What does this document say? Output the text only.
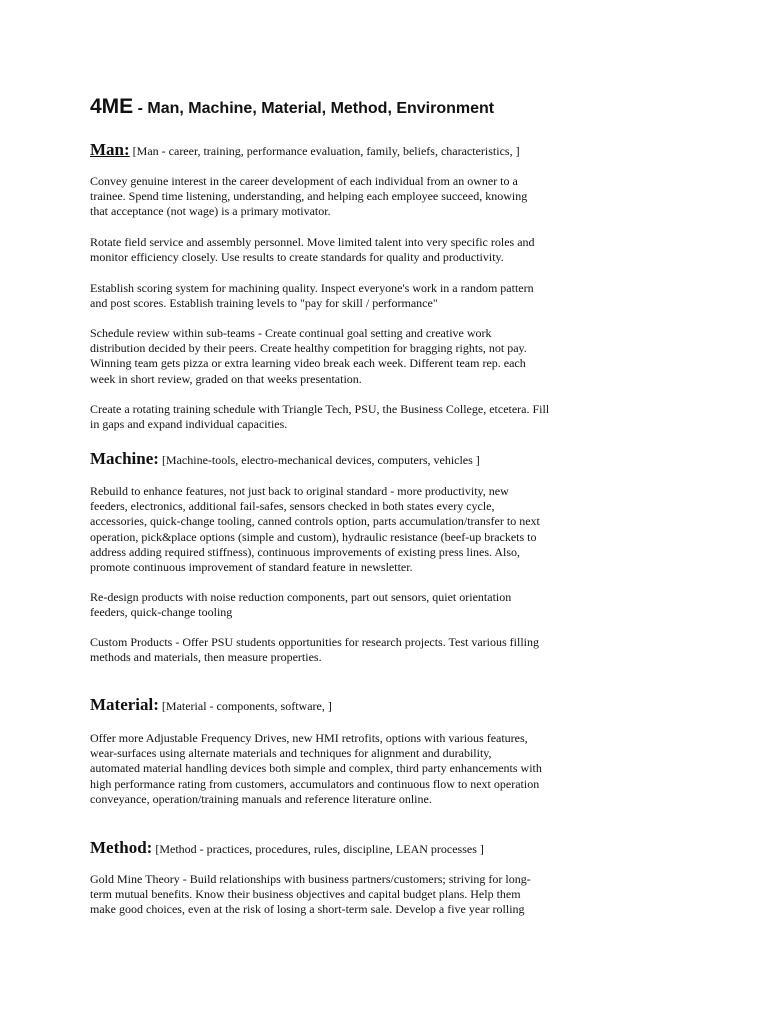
4ME - Man, Machine, Material, Method, Environment
Man: [Man - career, training, performance evaluation, family, beliefs, characteristics, ]

Convey genuine interest in the career development of each individual from an owner to a
trainee. Spend time listening, understanding, and helping each employee succeed, knowing
that acceptance (not wage) is a primary motivator.

Rotate field service and assembly personnel. Move limited talent into very specific roles and
monitor efficiency closely. Use results to create standards for quality and productivity.

Establish scoring system for machining quality. Inspect everyone's work in a random pattern
and post scores. Establish training levels to "pay for skill / performance"

Schedule review within sub-teams - Create continual goal setting and creative work
distribution decided by their peers. Create healthy competition for bragging rights, not pay.
Winning team gets pizza or extra learning video break each week. Different team rep. each
week in short review, graded on that weeks presentation.

Create a rotating training schedule with Triangle Tech, PSU, the Business College, etcetera. Fill
in gaps and expand individual capacities.

Machine: [Machine-tools, electro-mechanical devices, computers, vehicles ]

Rebuild to enhance features, not just back to original standard - more productivity, new
feeders, electronics, additional fail-safes, sensors checked in both states every cycle,
accessories, quick-change tooling, canned controls option, parts accumulation/transfer to next
operation, pick&place options (simple and custom), hydraulic resistance (beef-up brackets to
address adding required stiffness), continuous improvements of existing press lines. Also,
promote continuous improvement of standard feature in newsletter.

Re-design products with noise reduction components, part out sensors, quiet orientation
feeders, quick-change tooling

Custom Products - Offer PSU students opportunities for research projects. Test various filling
methods and materials, then measure properties.

Material: [Material - components, software, ]

Offer more Adjustable Frequency Drives, new HMI retrofits, options with various features,
wear-surfaces using alternate materials and techniques for alignment and durability,
automated material handling devices both simple and complex, third party enhancements with
high performance rating from customers, accumulators and continuous flow to next operation
conveyance, operation/training manuals and reference literature online.

Method: [Method - practices, procedures, rules, discipline, LEAN processes ]

Gold Mine Theory - Build relationships with business partners/customers; striving for long-
term mutual benefits. Know their business objectives and capital budget plans. Help them
make good choices, even at the risk of losing a short-term sale. Develop a five year rolling
